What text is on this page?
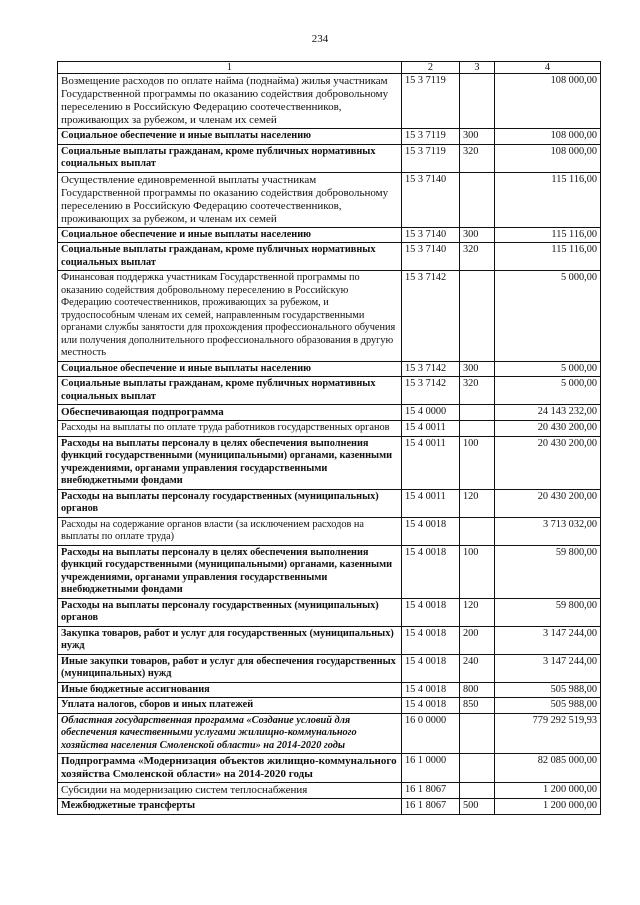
234
1	2	3	4
Возмещение расходов по оплате найма (поднайма) жилья участникам Государственной программы по оказанию содействия добровольному переселению в Российскую Федерацию соотечественников, проживающих за рубежом, и членам их семей	15 3 7119		108 000,00
Социальное обеспечение и иные выплаты населению	15 3 7119	300	108 000,00
Социальные выплаты гражданам, кроме публичных нормативных социальных выплат	15 3 7119	320	108 000,00
Осуществление единовременной выплаты участникам Государственной программы по оказанию содействия добровольному переселению в Российскую Федерацию соотечественников, проживающих за рубежом, и членам их семей	15 3 7140		115 116,00
Социальное обеспечение и иные выплаты населению	15 3 7140	300	115 116,00
Социальные выплаты гражданам, кроме публичных нормативных социальных выплат	15 3 7140	320	115 116,00
Финансовая поддержка участникам Государственной программы по оказанию содействия добровольному переселению в Российскую Федерацию соотечественников, проживающих за рубежом, и трудоспособным членам их семей, направленным государственными органами службы занятости для прохождения профессионального обучения или получения дополнительного профессионального образования в другую местность	15 3 7142		5 000,00
Социальное обеспечение и иные выплаты населению	15 3 7142	300	5 000,00
Социальные выплаты гражданам, кроме публичных нормативных социальных выплат	15 3 7142	320	5 000,00
Обеспечивающая подпрограмма	15 4 0000		24 143 232,00
Расходы на выплаты по оплате труда работников государственных органов	15 4 0011		20 430 200,00
Расходы на выплаты персоналу в целях обеспечения выполнения функций государственными (муниципальными) органами, казенными учреждениями, органами управления государственными внебюджетными фондами	15 4 0011	100	20 430 200,00
Расходы на выплаты персоналу государственных (муниципальных) органов	15 4 0011	120	20 430 200,00
Расходы на содержание органов власти (за исключением расходов на выплаты по оплате труда)	15 4 0018		3 713 032,00
Расходы на выплаты персоналу в целях обеспечения выполнения функций государственными (муниципальными) органами, казенными учреждениями, органами управления государственными внебюджетными фондами	15 4 0018	100	59 800,00
Расходы на выплаты персоналу государственных (муниципальных) органов	15 4 0018	120	59 800,00
Закупка товаров, работ и услуг для государственных (муниципальных) нужд	15 4 0018	200	3 147 244,00
Иные закупки товаров, работ и услуг для обеспечения государственных (муниципальных) нужд	15 4 0018	240	3 147 244,00
Иные бюджетные ассигнования	15 4 0018	800	505 988,00
Уплата налогов, сборов и иных платежей	15 4 0018	850	505 988,00
Областная государственная программа «Создание условий для обеспечения качественными услугами жилищно-коммунального хозяйства населения Смоленской области» на 2014-2020 годы	16 0 0000		779 292 519,93
Подпрограмма «Модернизация объектов жилищно-коммунального хозяйства Смоленской области» на 2014-2020 годы	16 1 0000		82 085 000,00
Субсидии на модернизацию систем теплоснабжения	16 1 8067		1 200 000,00
Межбюджетные трансферты	16 1 8067	500	1 200 000,00
